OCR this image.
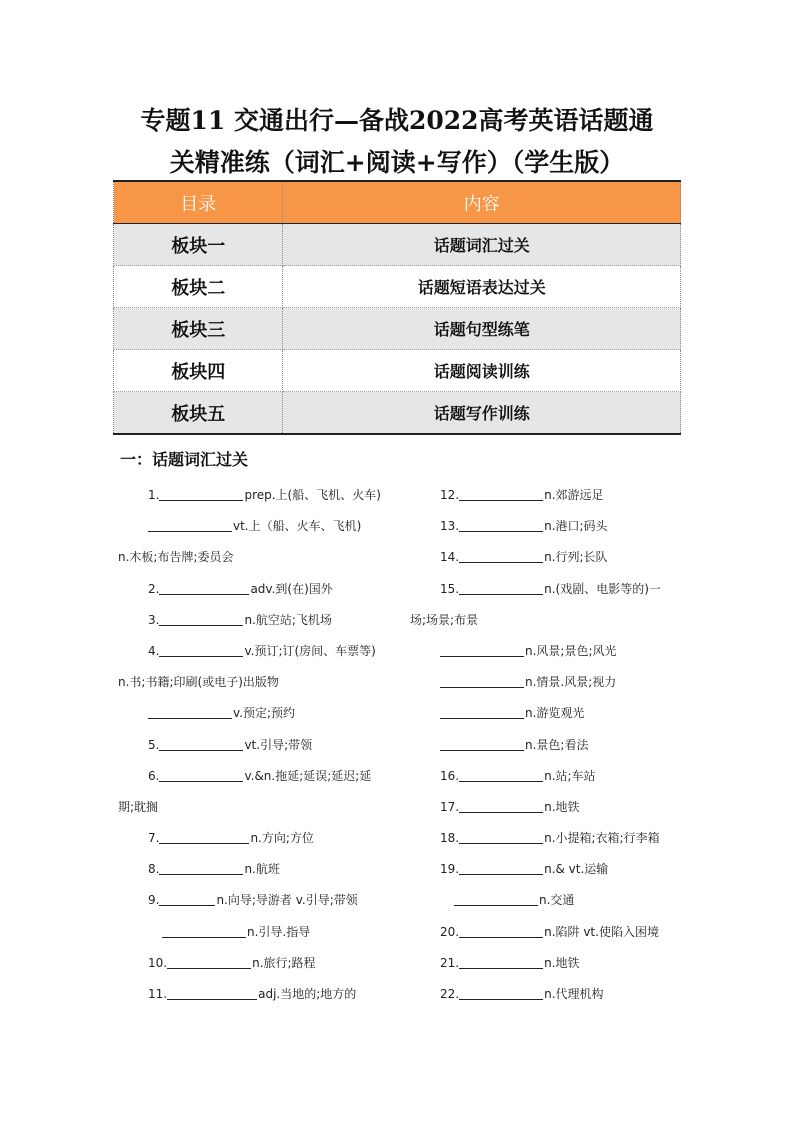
专题11 交通出行—备战2022高考英语话题通
关精准练（词汇+阅读+写作）（学生版）
目录	内容
板块一	话题词汇过关
板块二	话题短语表达过关
板块三	话题句型练笔
板块四	话题阅读训练
板块五	话题写作训练
一：话题词汇过关
1.	prep.上(船、飞机、火车)
vt.上（船、火车、飞机)
n.木板;布告牌;委员会
2.	adv.到(在)国外
3.	n.航空站;飞机场
4.	v.预订;订(房间、车票等)
n.书;书籍;印刷(或电子)出版物
v.预定;预约
5.	vt.引导;带领
6.	v.&n.拖延;延误;延迟;延
期;耽搁
7.	n.方向;方位
8.	n.航班
9.	n.向导;导游者 v.引导;带领
n.引导.指导
10.	n.旅行;路程
11.	adj.当地的;地方的
12.	n.郊游远足
13.	n.港口;码头
14.	n.行列;长队
15.	n.(戏剧、电影等的)一
场;场景;布景
n.风景;景色;风光
n.情景.风景;视力
n.游览观光
n.景色;看法
16.	n.站;车站
17.	n.地铁
18.	n.小提箱;衣箱;行李箱
19.	n.& vt.运输
n.交通
20.	n.陷阱 vt.使陷入困境
21.	n.地铁
22.	n.代理机构
